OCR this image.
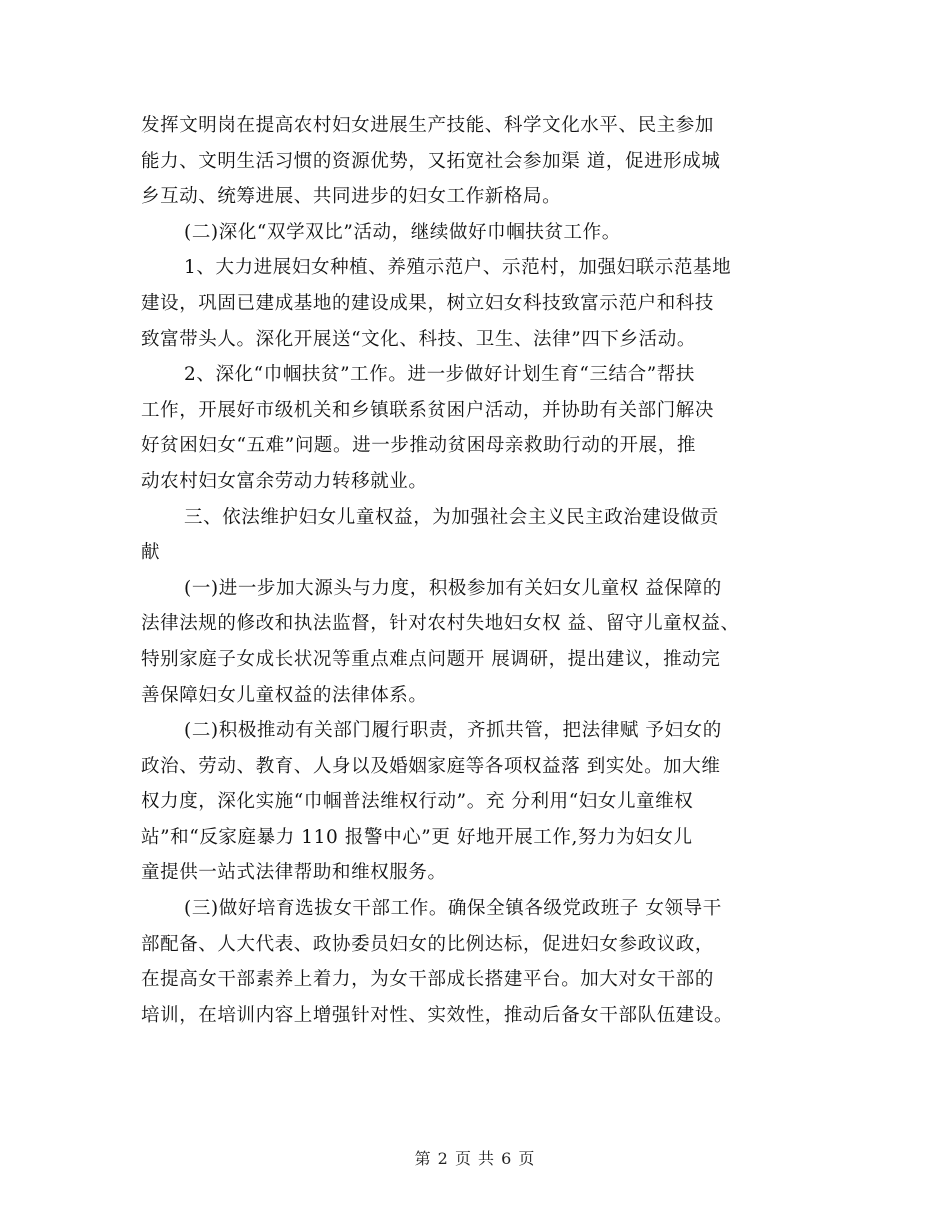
发挥文明岗在提高农村妇女进展生产技能、科学文化水平、民主参加
能力、文明生活习惯的资源优势，又拓宽社会参加渠 道，促进形成城
乡互动、统筹进展、共同进步的妇女工作新格局。
(二)深化“双学双比”活动，继续做好巾帼扶贫工作。
1、大力进展妇女种植、养殖示范户、示范村，加强妇联示范基地
建设，巩固已建成基地的建设成果，树立妇女科技致富示范户和科技
致富带头人。深化开展送“文化、科技、卫生、法律”四下乡活动。
2、深化“巾帼扶贫”工作。进一步做好计划生育“三结合”帮扶
工作，开展好市级机关和乡镇联系贫困户活动，并协助有关部门解决
好贫困妇女“五难”问题。进一步推动贫困母亲救助行动的开展，推
动农村妇女富余劳动力转移就业。
三、依法维护妇女儿童权益，为加强社会主义民主政治建设做贡
献
(一)进一步加大源头与力度，积极参加有关妇女儿童权 益保障的
法律法规的修改和执法监督，针对农村失地妇女权 益、留守儿童权益、
特别家庭子女成长状况等重点难点问题开 展调研，提出建议，推动完
善保障妇女儿童权益的法律体系。
(二)积极推动有关部门履行职责，齐抓共管，把法律赋 予妇女的
政治、劳动、教育、人身以及婚姻家庭等各项权益落 到实处。加大维
权力度，深化实施“巾帼普法维权行动”。充 分利用“妇女儿童维权
站”和“反家庭暴力 110 报警中心”更 好地开展工作,努力为妇女儿
童提供一站式法律帮助和维权服务。
(三)做好培育选拔女干部工作。确保全镇各级党政班子 女领导干
部配备、人大代表、政协委员妇女的比例达标，促进妇女参政议政，
在提高女干部素养上着力，为女干部成长搭建平台。加大对女干部的
培训，在培训内容上增强针对性、实效性，推动后备女干部队伍建设。
第 2 页 共 6 页
